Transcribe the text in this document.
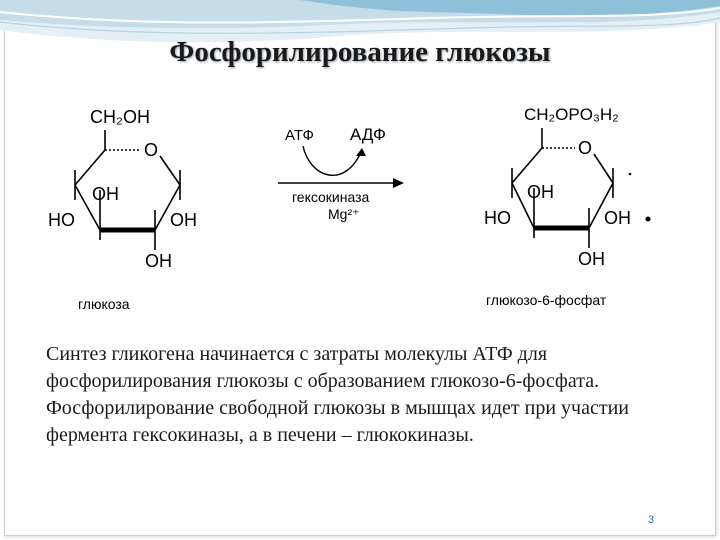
Фосфорилирование глюкозы
CH₂OH
O
OH
HO	OH
OH
глюкоза
АТФ АДФ
гексокиназа
Mg²⁺
CH₂OPO₃H₂
O
OH
HO	OH
OH
глюкозо-6-фосфат
Синтез гликогена начинается с затраты молекулы АТФ для фосфорилирования глюкозы с образованием глюкозо-6-фосфата. Фосфорилирование свободной глюкозы в мышцах идет при участии фермента гексокиназы, а в печени – глюкокиназы.
3
